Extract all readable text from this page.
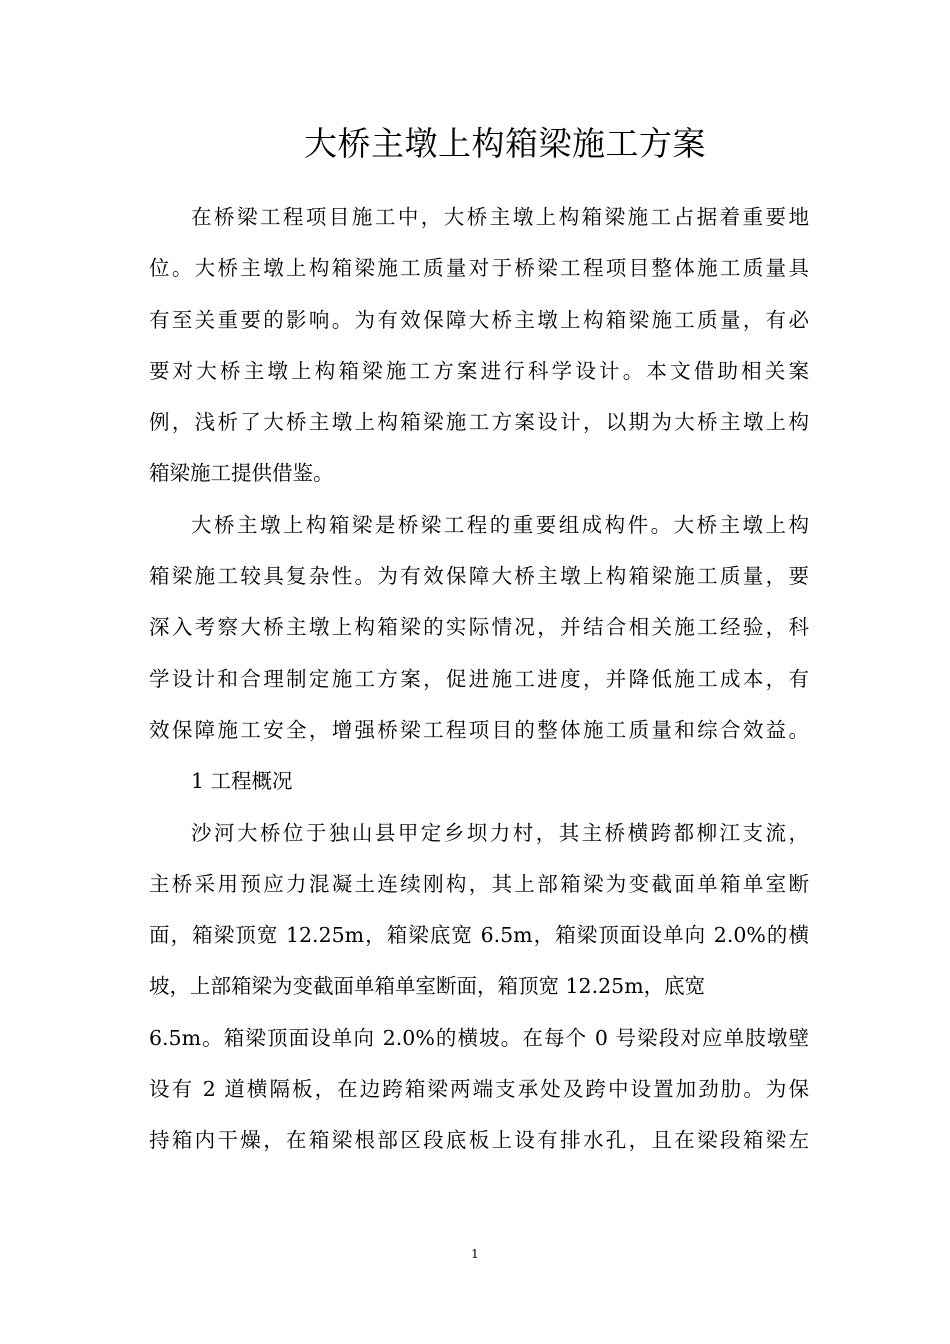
大桥主墩上构箱梁施工方案
在桥梁工程项目施工中，大桥主墩上构箱梁施工占据着重要地
位。大桥主墩上构箱梁施工质量对于桥梁工程项目整体施工质量具
有至关重要的影响。为有效保障大桥主墩上构箱梁施工质量，有必
要对大桥主墩上构箱梁施工方案进行科学设计。本文借助相关案
例，浅析了大桥主墩上构箱梁施工方案设计，以期为大桥主墩上构
箱梁施工提供借鉴。
大桥主墩上构箱梁是桥梁工程的重要组成构件。大桥主墩上构
箱梁施工较具复杂性。为有效保障大桥主墩上构箱梁施工质量，要
深入考察大桥主墩上构箱梁的实际情况，并结合相关施工经验，科
学设计和合理制定施工方案，促进施工进度，并降低施工成本，有
效保障施工安全，增强桥梁工程项目的整体施工质量和综合效益。
1 工程概况
沙河大桥位于独山县甲定乡坝力村，其主桥横跨都柳江支流，
主桥采用预应力混凝土连续刚构，其上部箱梁为变截面单箱单室断
面，箱梁顶宽 12.25m，箱梁底宽 6.5m，箱梁顶面设单向 2.0%的横
坡，上部箱梁为变截面单箱单室断面，箱顶宽 12.25m，底宽
6.5m。箱梁顶面设单向 2.0%的横坡。在每个 0 号梁段对应单肢墩壁
设有 2 道横隔板，在边跨箱梁两端支承处及跨中设置加劲肋。为保
持箱内干燥，在箱梁根部区段底板上设有排水孔，且在梁段箱梁左
1
